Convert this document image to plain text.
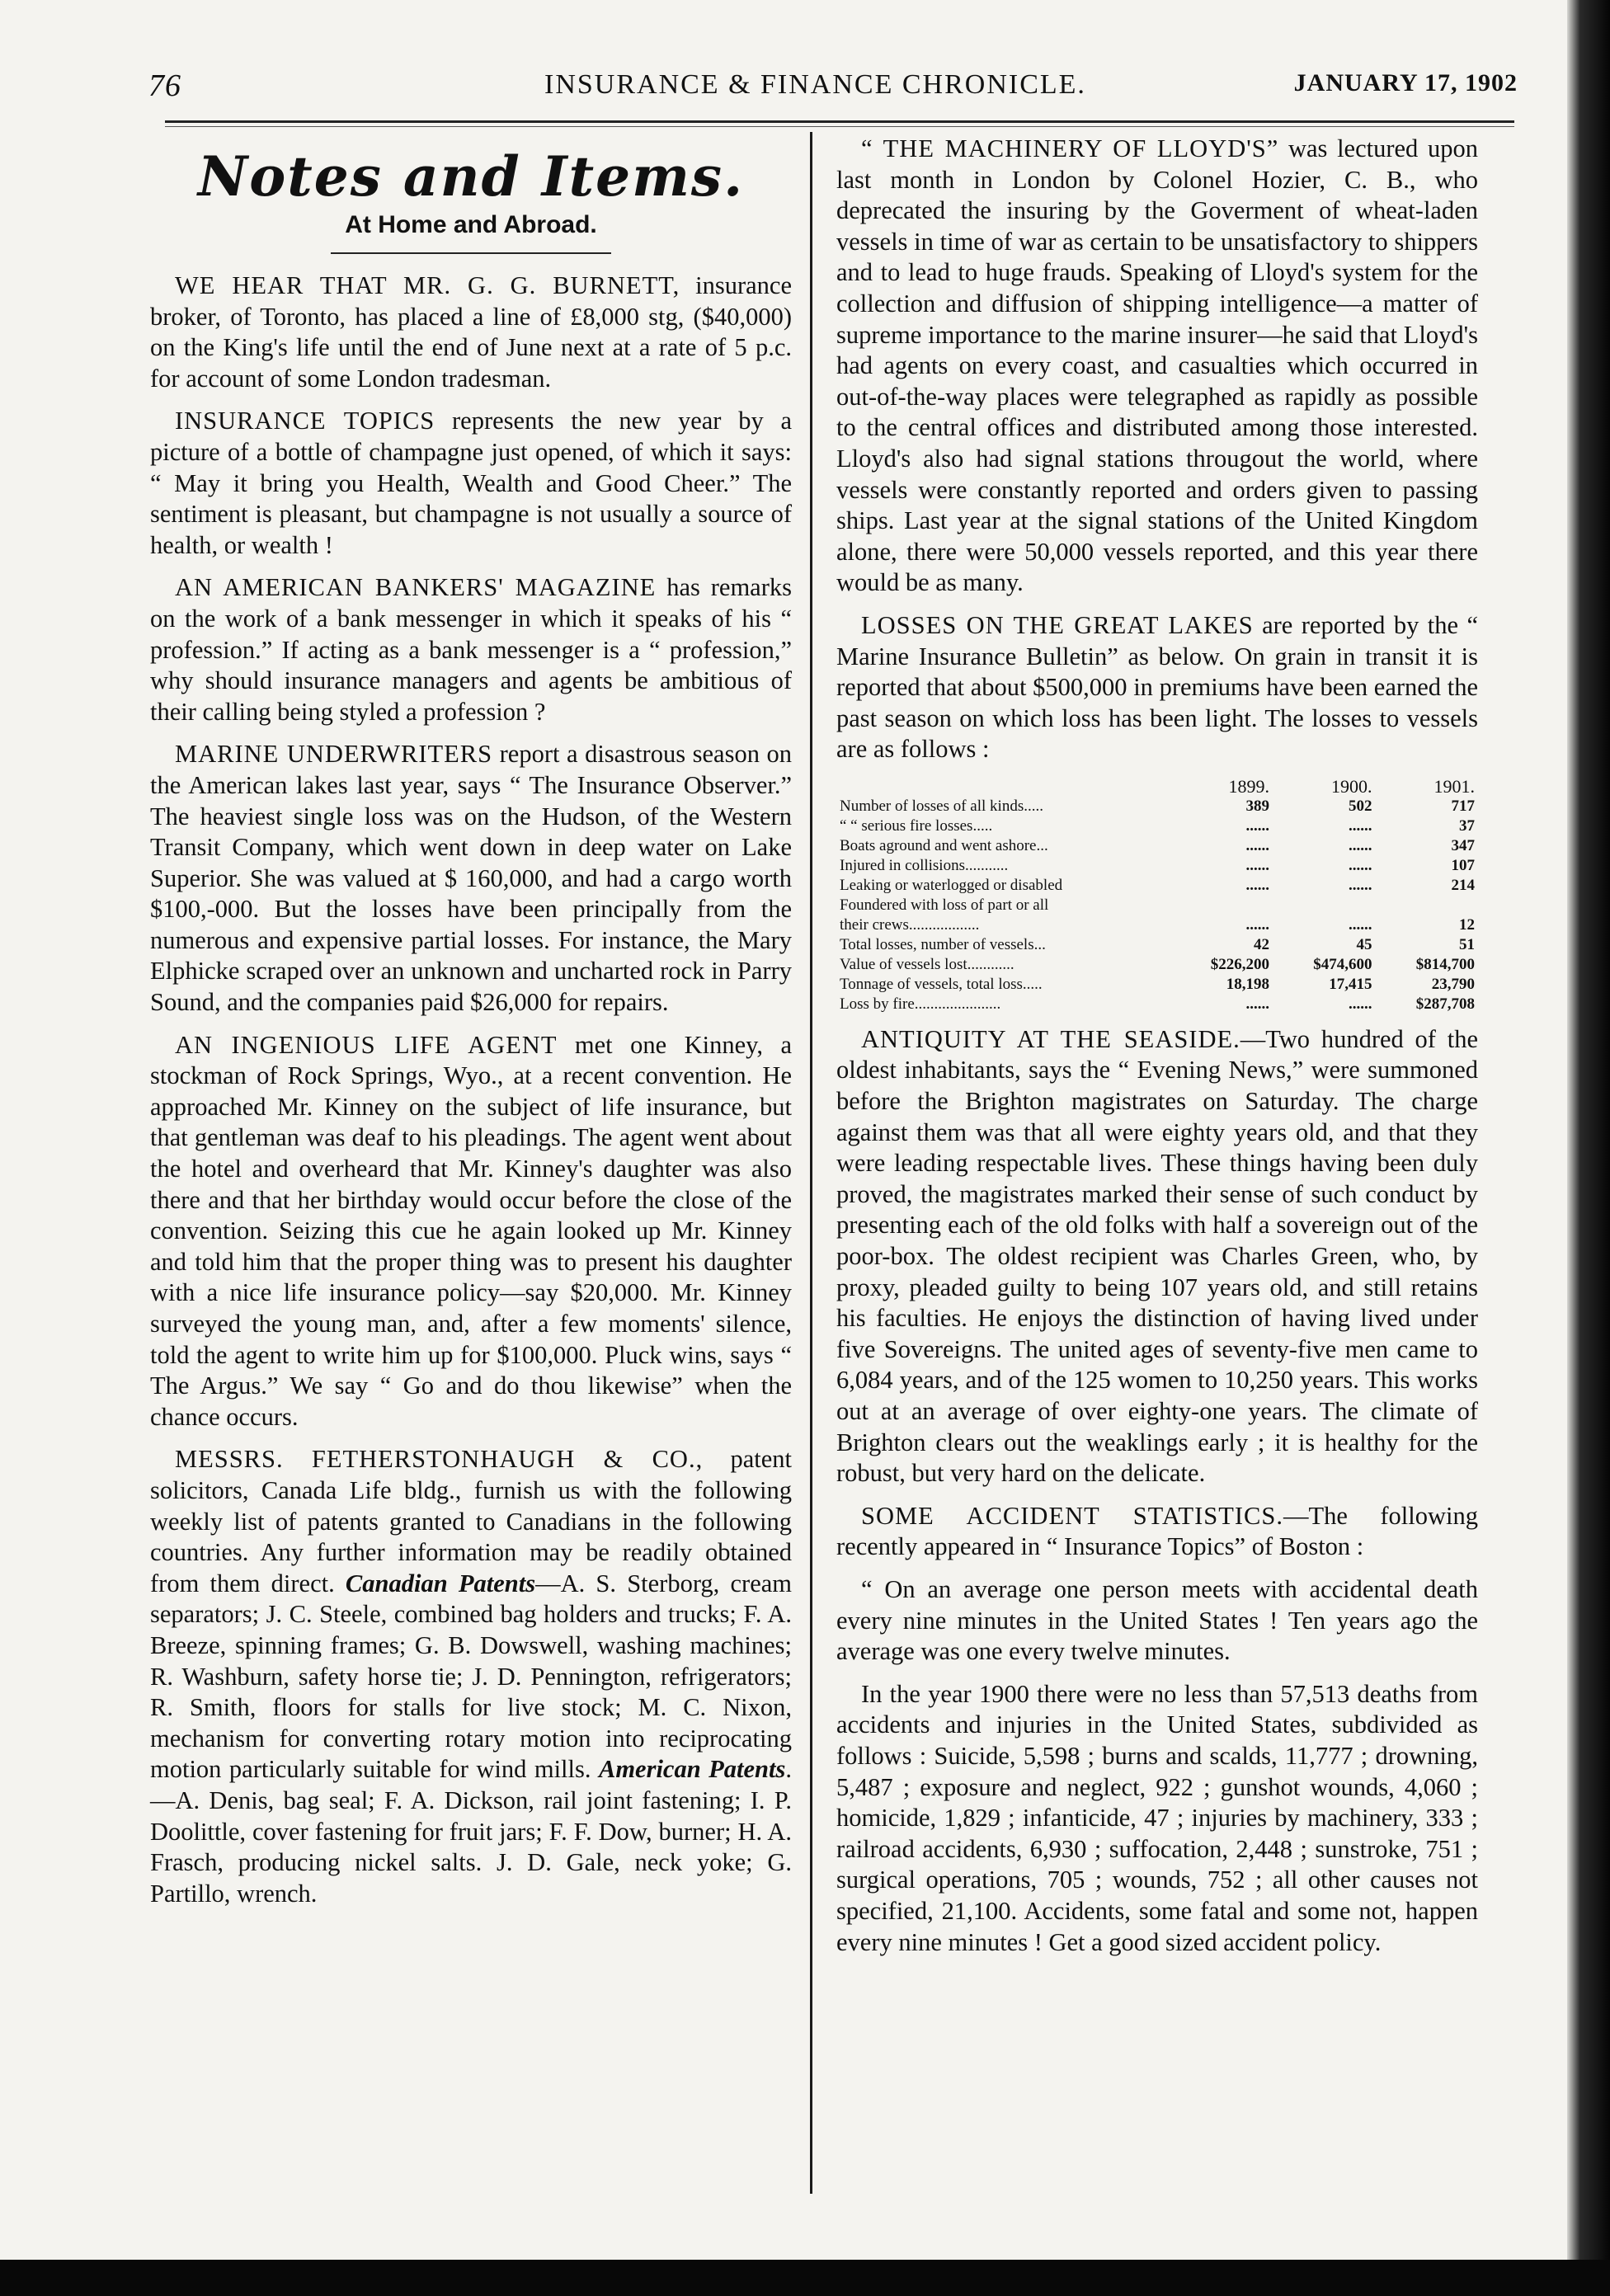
76	INSURANCE & FINANCE CHRONICLE.	JANUARY 17, 1902
Notes and Items.
At Home and Abroad.

WE HEAR THAT MR. G. G. BURNETT, insurance broker, of Toronto, has placed a line of £8,000 stg, ($40,000) on the King's life until the end of June next at a rate of 5 p.c. for account of some London tradesman.

INSURANCE TOPICS represents the new year by a picture of a bottle of champagne just opened, of which it says: “ May it bring you Health, Wealth and Good Cheer.” The sentiment is pleasant, but champagne is not usually a source of health, or wealth !

AN AMERICAN BANKERS' MAGAZINE has remarks on the work of a bank messenger in which it speaks of his “ profession.” If acting as a bank messenger is a “ profession,” why should insurance managers and agents be ambitious of their calling being styled a profession ?

MARINE UNDERWRITERS report a disastrous season on the American lakes last year, says “ The Insurance Observer.” The heaviest single loss was on the Hudson, of the Western Transit Company, which went down in deep water on Lake Superior. She was valued at $ 160,000, and had a cargo worth $100,-000. But the losses have been principally from the numerous and expensive partial losses. For instance, the Mary Elphicke scraped over an unknown and uncharted rock in Parry Sound, and the companies paid $26,000 for repairs.

AN INGENIOUS LIFE AGENT met one Kinney, a stockman of Rock Springs, Wyo., at a recent convention. He approached Mr. Kinney on the subject of life insurance, but that gentleman was deaf to his pleadings. The agent went about the hotel and overheard that Mr. Kinney's daughter was also there and that her birthday would occur before the close of the convention. Seizing this cue he again looked up Mr. Kinney and told him that the proper thing was to present his daughter with a nice life insurance policy—say $20,000. Mr. Kinney surveyed the young man, and, after a few moments' silence, told the agent to write him up for $100,000. Pluck wins, says “ The Argus.” We say “ Go and do thou likewise” when the chance occurs.

MESSRS. FETHERSTONHAUGH & CO., patent solicitors, Canada Life bldg., furnish us with the following weekly list of patents granted to Canadians in the following countries. Any further information may be readily obtained from them direct. Canadian Patents—A. S. Sterborg, cream separators; J. C. Steele, combined bag holders and trucks; F. A. Breeze, spinning frames; G. B. Dowswell, washing machines; R. Washburn, safety horse tie; J. D. Pennington, refrigerators; R. Smith, floors for stalls for live stock; M. C. Nixon, mechanism for converting rotary motion into reciprocating motion particularly suitable for wind mills. American Patents.—A. Denis, bag seal; F. A. Dickson, rail joint fastening; I. P. Doolittle, cover fastening for fruit jars; F. F. Dow, burner; H. A. Frasch, producing nickel salts. J. D. Gale, neck yoke; G. Partillo, wrench.

“ THE MACHINERY OF LLOYD'S” was lectured upon last month in London by Colonel Hozier, C. B., who deprecated the insuring by the Goverment of wheat-laden vessels in time of war as certain to be unsatisfactory to shippers and to lead to huge frauds. Speaking of Lloyd's system for the collection and diffusion of shipping intelligence—a matter of supreme importance to the marine insurer—he said that Lloyd's had agents on every coast, and casualties which occurred in out-of-the-way places were telegraphed as rapidly as possible to the central offices and distributed among those interested. Lloyd's also had signal stations througout the world, where vessels were constantly reported and orders given to passing ships. Last year at the signal stations of the United Kingdom alone, there were 50,000 vessels reported, and this year there would be as many.

LOSSES ON THE GREAT LAKES are reported by the “ Marine Insurance Bulletin” as below. On grain in transit it is reported that about $500,000 in premiums have been earned the past season on which loss has been light. The losses to vessels are as follows :

	1899.	1900.	1901.
Number of losses of all kinds.....	389	502	717
“ “ serious fire losses.....	......	......	37
Boats aground and went ashore...	......	......	347
Injured in collisions...........	......	......	107
Leaking or waterlogged or disabled	......	......	214
Foundered with loss of part or all			
their crews..................	......	......	12
Total losses, number of vessels...	42	45	51
Value of vessels lost............	$226,200	$474,600	$814,700
Tonnage of vessels, total loss.....	18,198	17,415	23,790
Loss by fire......................	......	......	$287,708

ANTIQUITY AT THE SEASIDE.—Two hundred of the oldest inhabitants, says the “ Evening News,” were summoned before the Brighton magistrates on Saturday. The charge against them was that all were eighty years old, and that they were leading respectable lives. These things having been duly proved, the magistrates marked their sense of such conduct by presenting each of the old folks with half a sovereign out of the poor-box. The oldest recipient was Charles Green, who, by proxy, pleaded guilty to being 107 years old, and still retains his faculties. He enjoys the distinction of having lived under five Sovereigns. The united ages of seventy-five men came to 6,084 years, and of the 125 women to 10,250 years. This works out at an average of over eighty-one years. The climate of Brighton clears out the weaklings early ; it is healthy for the robust, but very hard on the delicate.

SOME ACCIDENT STATISTICS.—The following recently appeared in “ Insurance Topics” of Boston :

“ On an average one person meets with accidental death every nine minutes in the United States ! Ten years ago the average was one every twelve minutes.

In the year 1900 there were no less than 57,513 deaths from accidents and injuries in the United States, subdivided as follows : Suicide, 5,598 ; burns and scalds, 11,777 ; drowning, 5,487 ; exposure and neglect, 922 ; gunshot wounds, 4,060 ; homicide, 1,829 ; infanticide, 47 ; injuries by machinery, 333 ; railroad accidents, 6,930 ; suffocation, 2,448 ; sunstroke, 751 ; surgical operations, 705 ; wounds, 752 ; all other causes not specified, 21,100. Accidents, some fatal and some not, happen every nine minutes ! Get a good sized accident policy.
